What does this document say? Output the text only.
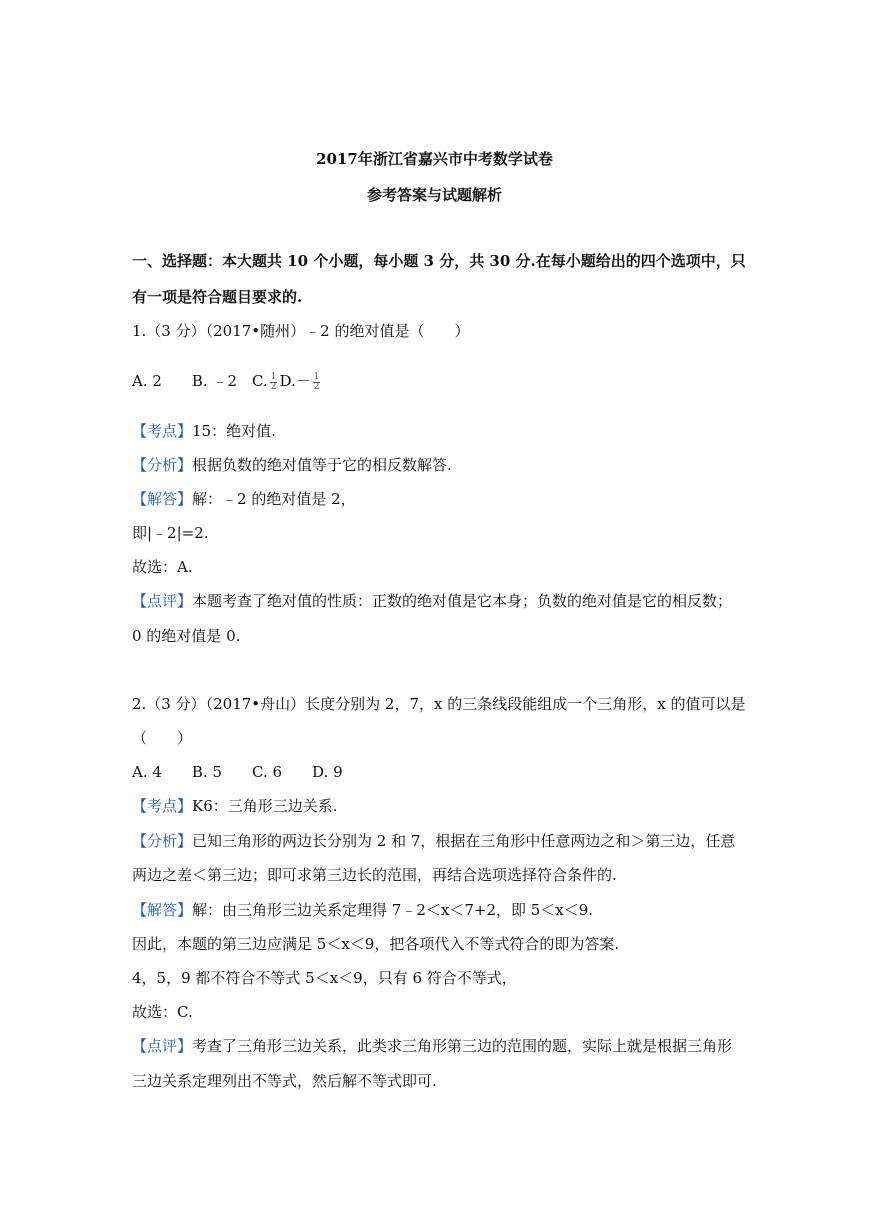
2017年浙江省嘉兴市中考数学试卷
参考答案与试题解析
一、选择题：本大题共 10 个小题，每小题 3 分，共 30 分.在每小题给出的四个选项中，只
有一项是符合题目要求的.
1.（3 分）（2017•随州）﹣2 的绝对值是（　　）
A. 2　　B. ﹣2　C. $\frac{1}{2} D.- \frac{1}{2}$
【考点】15：绝对值.
【分析】根据负数的绝对值等于它的相反数解答.
【解答】解：﹣2 的绝对值是 2，
即|﹣2|=2.
故选：A.
【点评】本题考查了绝对值的性质：正数的绝对值是它本身；负数的绝对值是它的相反数；
0 的绝对值是 0.
2.（3 分）（2017•舟山）长度分别为 2，7，x 的三条线段能组成一个三角形，x 的值可以是
（　　）
A. 4　　B. 5　　C. 6　　D. 9
【考点】K6：三角形三边关系.
【分析】已知三角形的两边长分别为 2 和 7，根据在三角形中任意两边之和＞第三边，任意
两边之差＜第三边；即可求第三边长的范围，再结合选项选择符合条件的.
【解答】解：由三角形三边关系定理得 7﹣2＜x＜7+2，即 5＜x＜9.
因此，本题的第三边应满足 5＜x＜9，把各项代入不等式符合的即为答案.
4，5，9 都不符合不等式 5＜x＜9，只有 6 符合不等式，
故选：C.
【点评】考查了三角形三边关系，此类求三角形第三边的范围的题，实际上就是根据三角形
三边关系定理列出不等式，然后解不等式即可.
